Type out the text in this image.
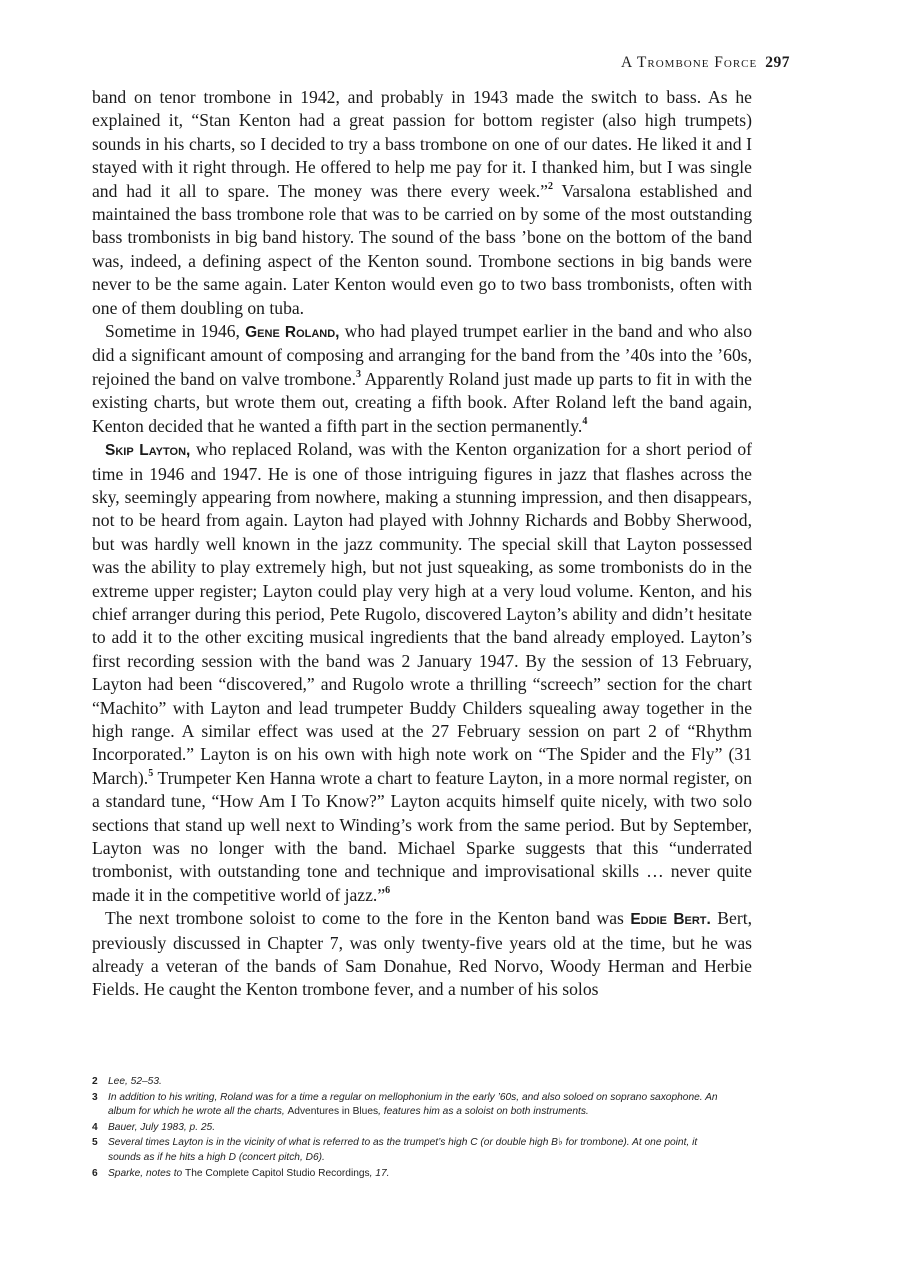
A Trombone Force 297

band on tenor trombone in 1942, and probably in 1943 made the switch to bass. As he explained it, “Stan Kenton had a great passion for bottom register (also high trumpets) sounds in his charts, so I decided to try a bass trombone on one of our dates. He liked it and I stayed with it right through. He offered to help me pay for it. I thanked him, but I was single and had it all to spare. The money was there every week.”$^2$ Varsalona established and maintained the bass trombone role that was to be carried on by some of the most outstanding bass trombonists in big band history. The sound of the bass ’bone on the bottom of the band was, indeed, a defining aspect of the Kenton sound. Trombone sections in big bands were never to be the same again. Later Kenton would even go to two bass trombonists, often with one of them doubling on tuba.

Sometime in 1946, Gene Roland, who had played trumpet earlier in the band and who also did a significant amount of composing and arranging for the band from the ’40s into the ’60s, rejoined the band on valve trombone.$^3$ Apparently Roland just made up parts to fit in with the existing charts, but wrote them out, creating a fifth book. After Roland left the band again, Kenton decided that he wanted a fifth part in the section permanently.$^4$

Skip Layton, who replaced Roland, was with the Kenton organization for a short period of time in 1946 and 1947. He is one of those intriguing figures in jazz that flashes across the sky, seemingly appearing from nowhere, making a stunning impression, and then disappears, not to be heard from again. Layton had played with Johnny Richards and Bobby Sherwood, but was hardly well known in the jazz community. The special skill that Layton possessed was the ability to play extremely high, but not just squeaking, as some trombonists do in the extreme upper register; Layton could play very high at a very loud volume. Kenton, and his chief arranger during this period, Pete Rugolo, discovered Layton’s ability and didn’t hesitate to add it to the other exciting musical ingredients that the band already employed. Layton’s first recording session with the band was 2 January 1947. By the session of 13 February, Layton had been “discovered,” and Rugolo wrote a thrilling “screech” section for the chart “Machito” with Layton and lead trumpeter Buddy Childers squealing away together in the high range. A similar effect was used at the 27 February session on part 2 of “Rhythm Incorporated.” Layton is on his own with high note work on “The Spider and the Fly” (31 March).$^5$ Trumpeter Ken Hanna wrote a chart to feature Layton, in a more normal register, on a standard tune, “How Am I To Know?” Layton acquits himself quite nicely, with two solo sections that stand up well next to Winding’s work from the same period. But by September, Layton was no longer with the band. Michael Sparke suggests that this “underrated trombonist, with outstanding tone and technique and improvisational skills … never quite made it in the competitive world of jazz.”$^6$

The next trombone soloist to come to the fore in the Kenton band was Eddie Bert. Bert, previously discussed in Chapter 7, was only twenty-five years old at the time, but he was already a veteran of the bands of Sam Donahue, Red Norvo, Woody Herman and Herbie Fields. He caught the Kenton trombone fever, and a number of his solos

2	Lee, 52–53.
3	In addition to his writing, Roland was for a time a regular on mellophonium in the early ’60s, and also soloed on soprano saxophone. An album for which he wrote all the charts, Adventures in Blues, features him as a soloist on both instruments.
4	Bauer, July 1983, p. 25.
5	Several times Layton is in the vicinity of what is referred to as the trumpet’s high C (or double high B♭ for trombone). At one point, it sounds as if he hits a high D (concert pitch, D6).
6	Sparke, notes to The Complete Capitol Studio Recordings, 17.
